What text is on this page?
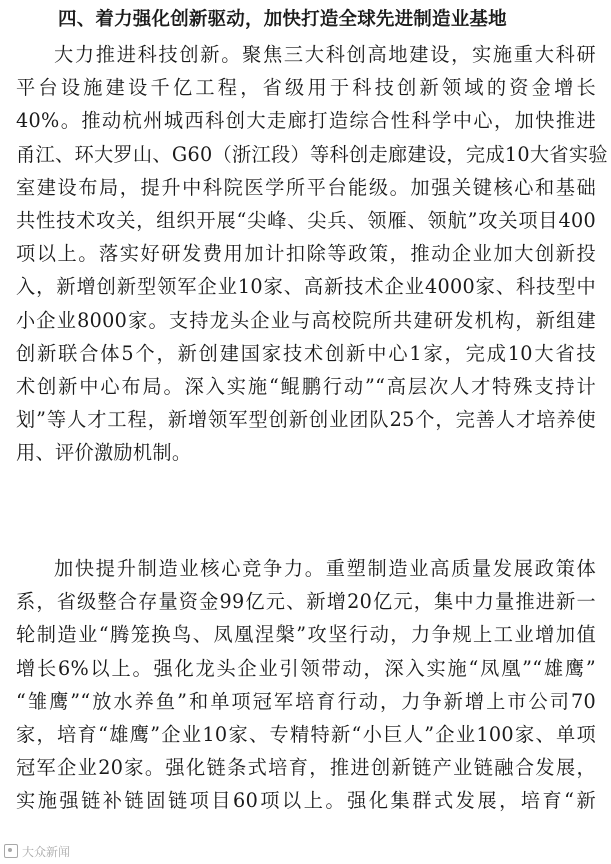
四、着力强化创新驱动，加快打造全球先进制造业基地
大力推进科技创新。聚焦三大科创高地建设，实施重大科研
平台设施建设千亿工程，省级用于科技创新领域的资金增长
40%。推动杭州城西科创大走廊打造综合性科学中心，加快推进
甬江、环大罗山、G60（浙江段）等科创走廊建设，完成10大省实验
室建设布局，提升中科院医学所平台能级。加强关键核心和基础
共性技术攻关，组织开展“尖峰、尖兵、领雁、领航”攻关项目400
项以上。落实好研发费用加计扣除等政策，推动企业加大创新投
入，新增创新型领军企业10家、高新技术企业4000家、科技型中
小企业8000家。支持龙头企业与高校院所共建研发机构，新组建
创新联合体5个，新创建国家技术创新中心1家，完成10大省技
术创新中心布局。深入实施“鲲鹏行动”“高层次人才特殊支持计
划”等人才工程，新增领军型创新创业团队25个，完善人才培养使
用、评价激励机制。
加快提升制造业核心竞争力。重塑制造业高质量发展政策体
系，省级整合存量资金99亿元、新增20亿元，集中力量推进新一
轮制造业“腾笼换鸟、凤凰涅槃”攻坚行动，力争规上工业增加值
增长6%以上。强化龙头企业引领带动，深入实施“凤凰”“雄鹰”
“雏鹰”“放水养鱼”和单项冠军培育行动，力争新增上市公司70
家，培育“雄鹰”企业10家、专精特新“小巨人”企业100家、单项
冠军企业20家。强化链条式培育，推进创新链产业链融合发展，
实施强链补链固链项目60项以上。强化集群式发展，培育“新
大众新闻
